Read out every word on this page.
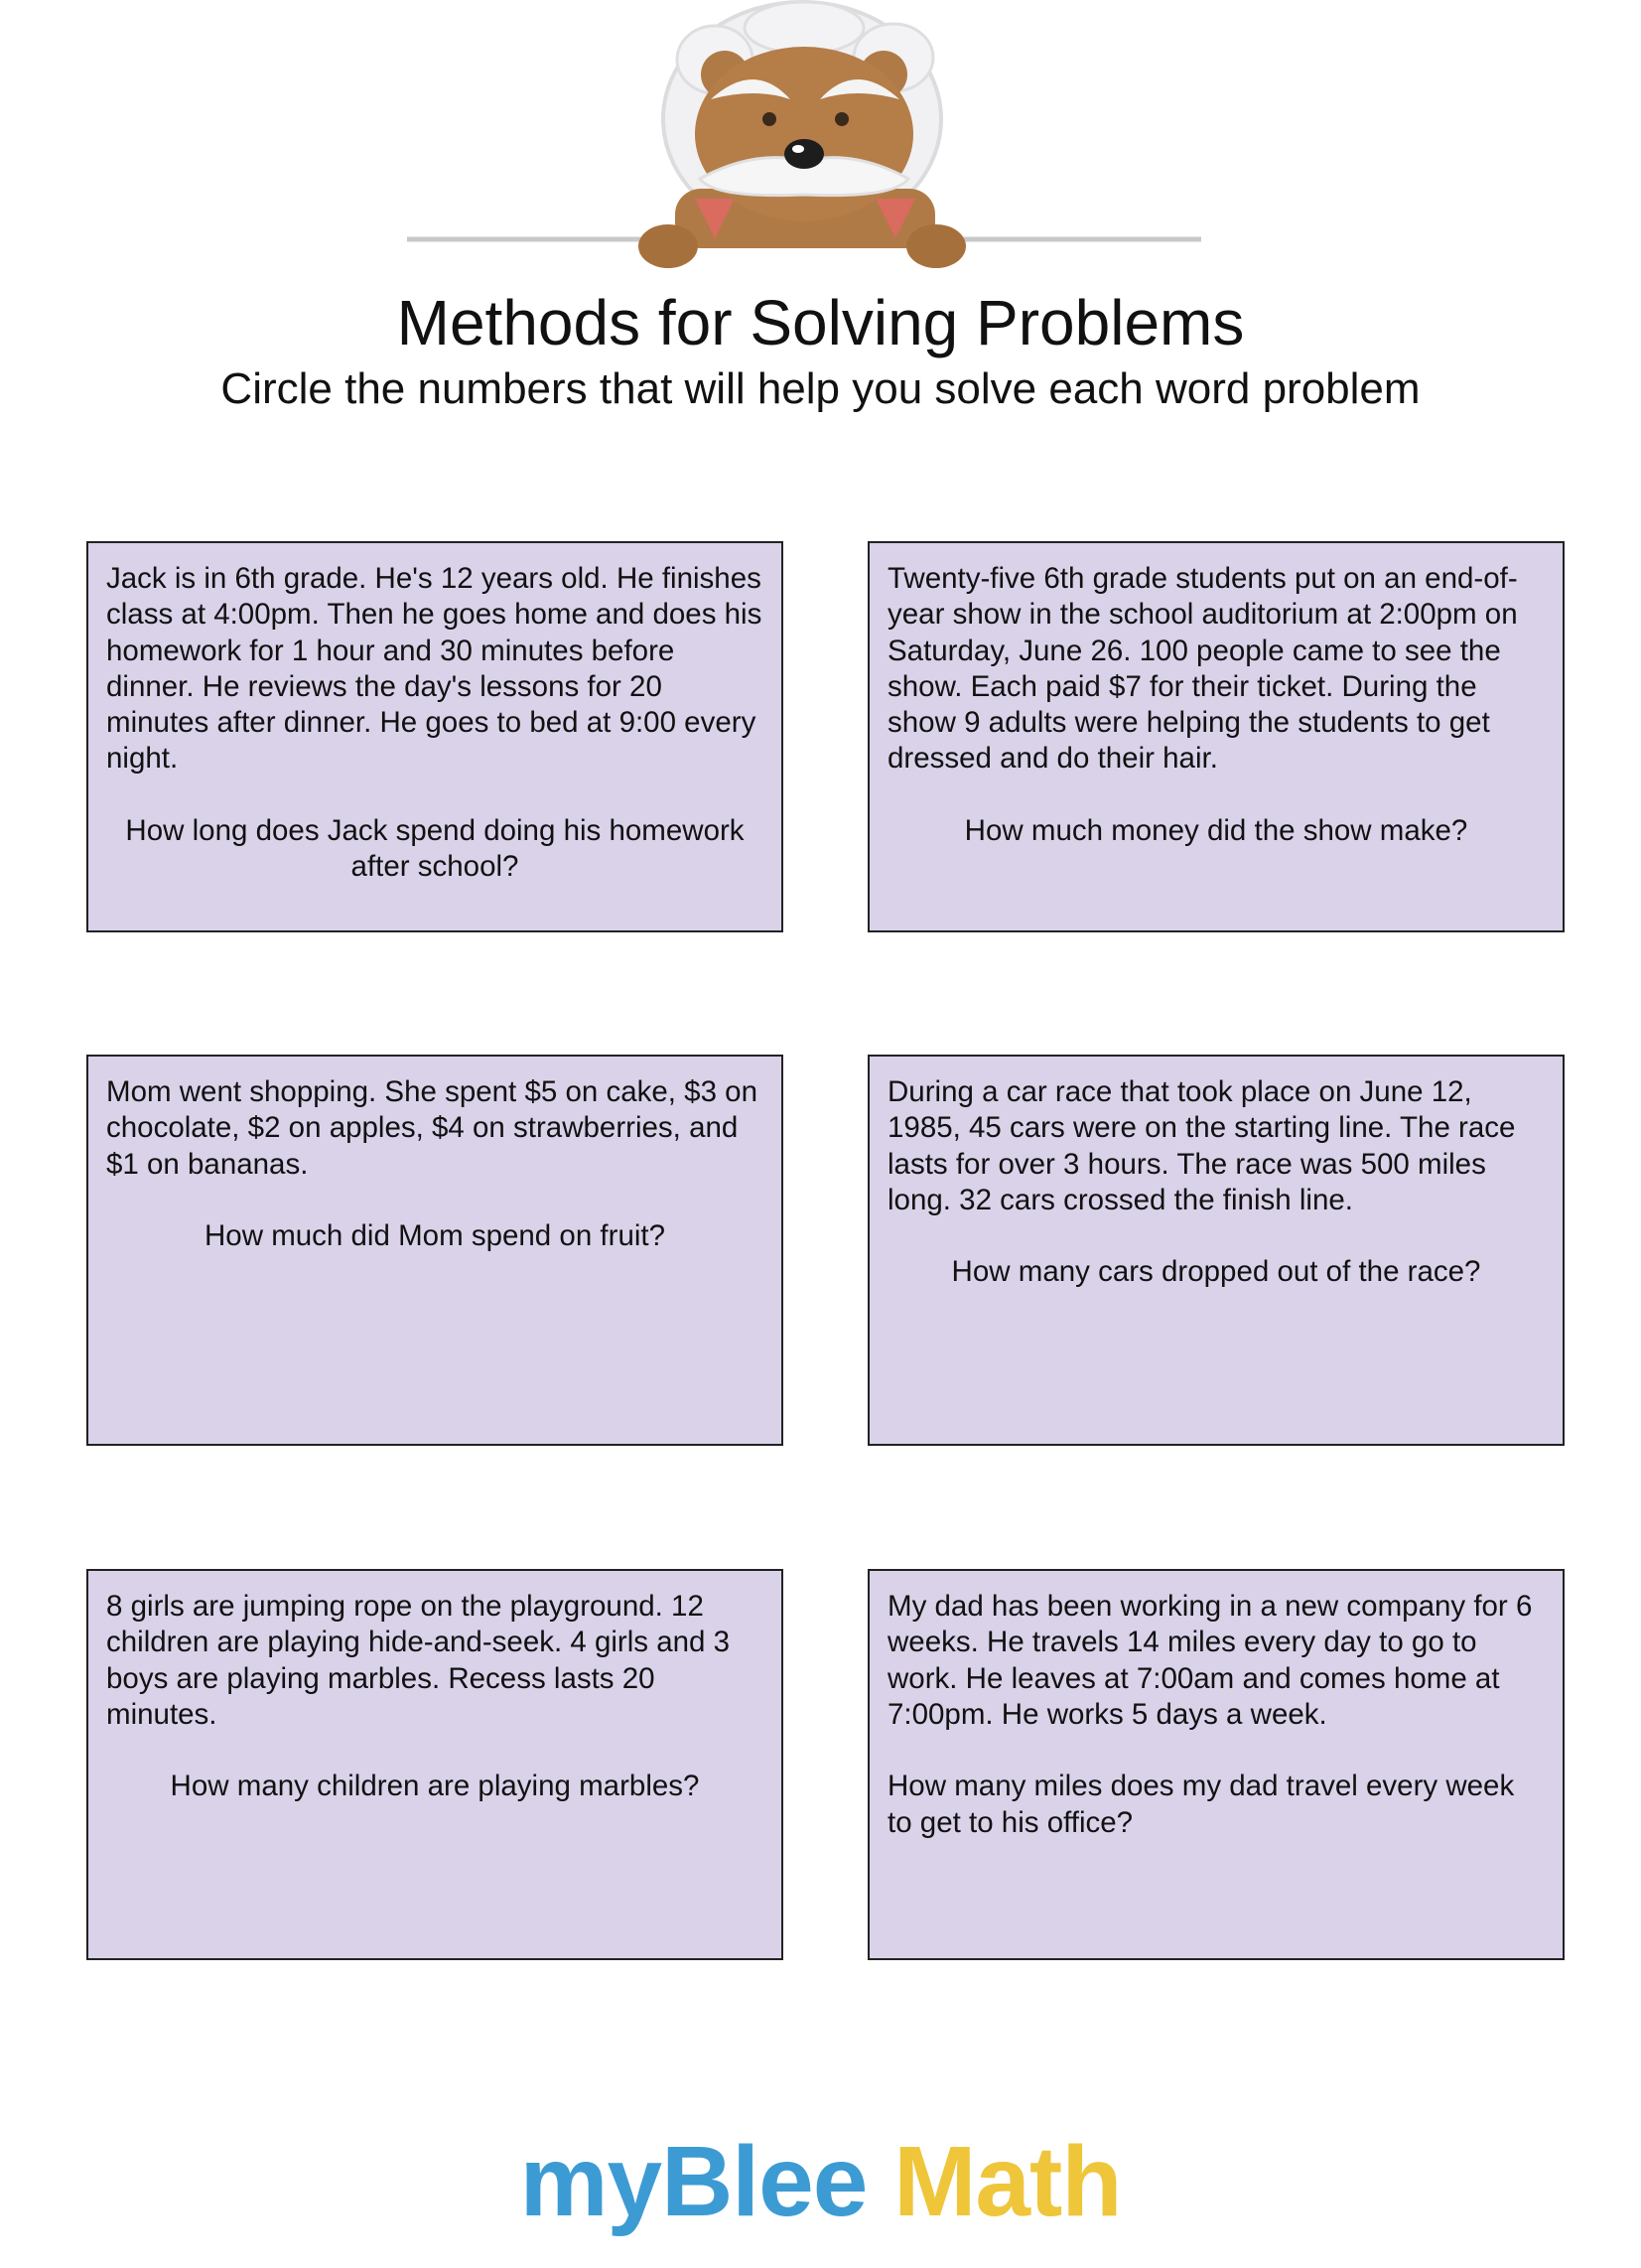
Methods for Solving Problems
Circle the numbers that will help you solve each word problem

Jack is in 6th grade. He's 12 years old. He finishes class at 4:00pm. Then he goes home and does his homework for 1 hour and 30 minutes before dinner. He reviews the day's lessons for 20 minutes after dinner. He goes to bed at 9:00 every night.

How long does Jack spend doing his homework after school?

Twenty-five 6th grade students put on an end-of-year show in the school auditorium at 2:00pm on Saturday, June 26. 100 people came to see the show. Each paid $7 for their ticket. During the show 9 adults were helping the students to get dressed and do their hair.

How much money did the show make?

Mom went shopping. She spent $5 on cake, $3 on chocolate, $2 on apples, $4 on strawberries, and $1 on bananas.

How much did Mom spend on fruit?

During a car race that took place on June 12, 1985, 45 cars were on the starting line. The race lasts for over 3 hours. The race was 500 miles long. 32 cars crossed the finish line.

How many cars dropped out of the race?

8 girls are jumping rope on the playground. 12 children are playing hide-and-seek. 4 girls and 3 boys are playing marbles. Recess lasts 20 minutes.

How many children are playing marbles?

My dad has been working in a new company for 6 weeks. He travels 14 miles every day to go to work. He leaves at 7:00am and comes home at 7:00pm. He works 5 days a week.

How many miles does my dad travel every week to get to his office?

myBlee Math
